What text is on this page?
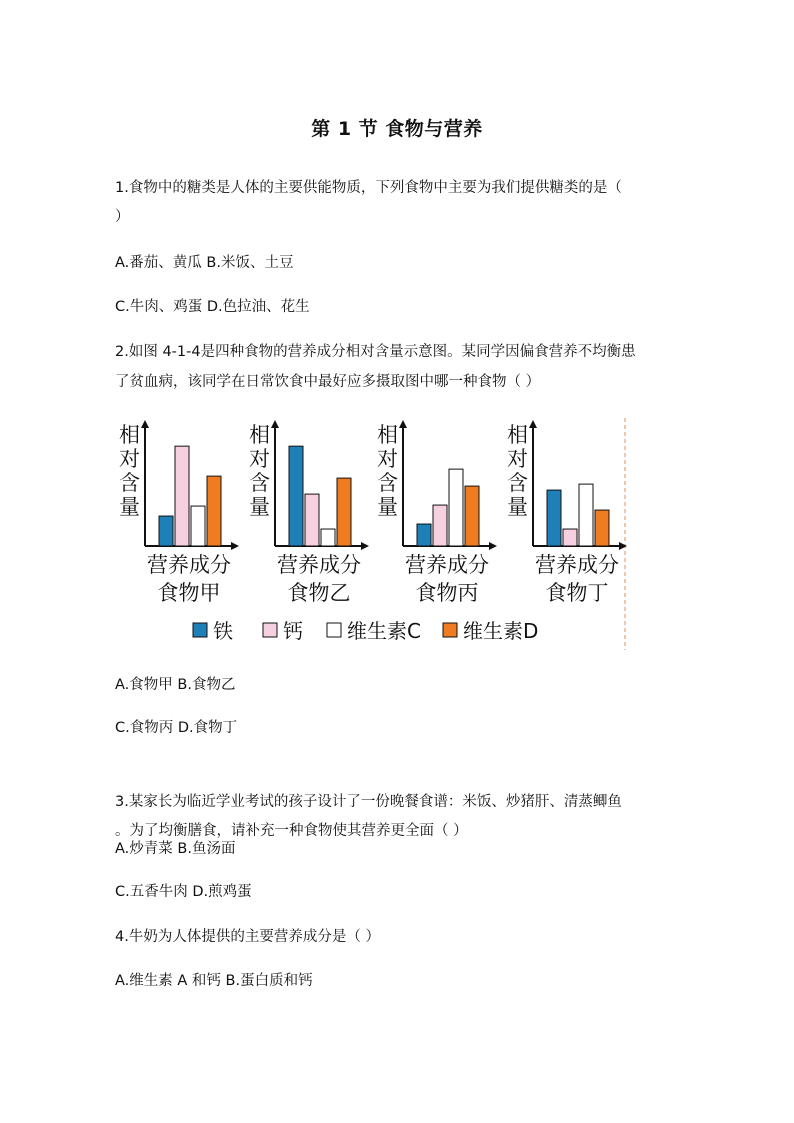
第 1 节 食物与营养
1.食物中的糖类是人体的主要供能物质，下列食物中主要为我们提供糖类的是（
）
A.番茄、黄瓜 B.米饭、土豆
C.牛肉、鸡蛋 D.色拉油、花生
2.如图 4-1-4是四种食物的营养成分相对含量示意图。某同学因偏食营养不均衡患
了贫血病，该同学在日常饮食中最好应多摄取图中哪一种食物（ ）
相
对
含
量
营养成分
食物甲
相
对
含
量
营养成分
食物乙
相
对
含
量
营养成分
食物丙
相
对
含
量
营养成分
食物丁
铁	钙 维生素C 维生素D
A.食物甲 B.食物乙
C.食物丙 D.食物丁
3.某家长为临近学业考试的孩子设计了一份晚餐食谱：米饭、炒猪肝、清蒸鲫鱼
。为了均衡膳食，请补充一种食物使其营养更全面（ ）
A.炒青菜 B.鱼汤面
C.五香牛肉 D.煎鸡蛋
4.牛奶为人体提供的主要营养成分是（ ）
A.维生素 A 和钙 B.蛋白质和钙
